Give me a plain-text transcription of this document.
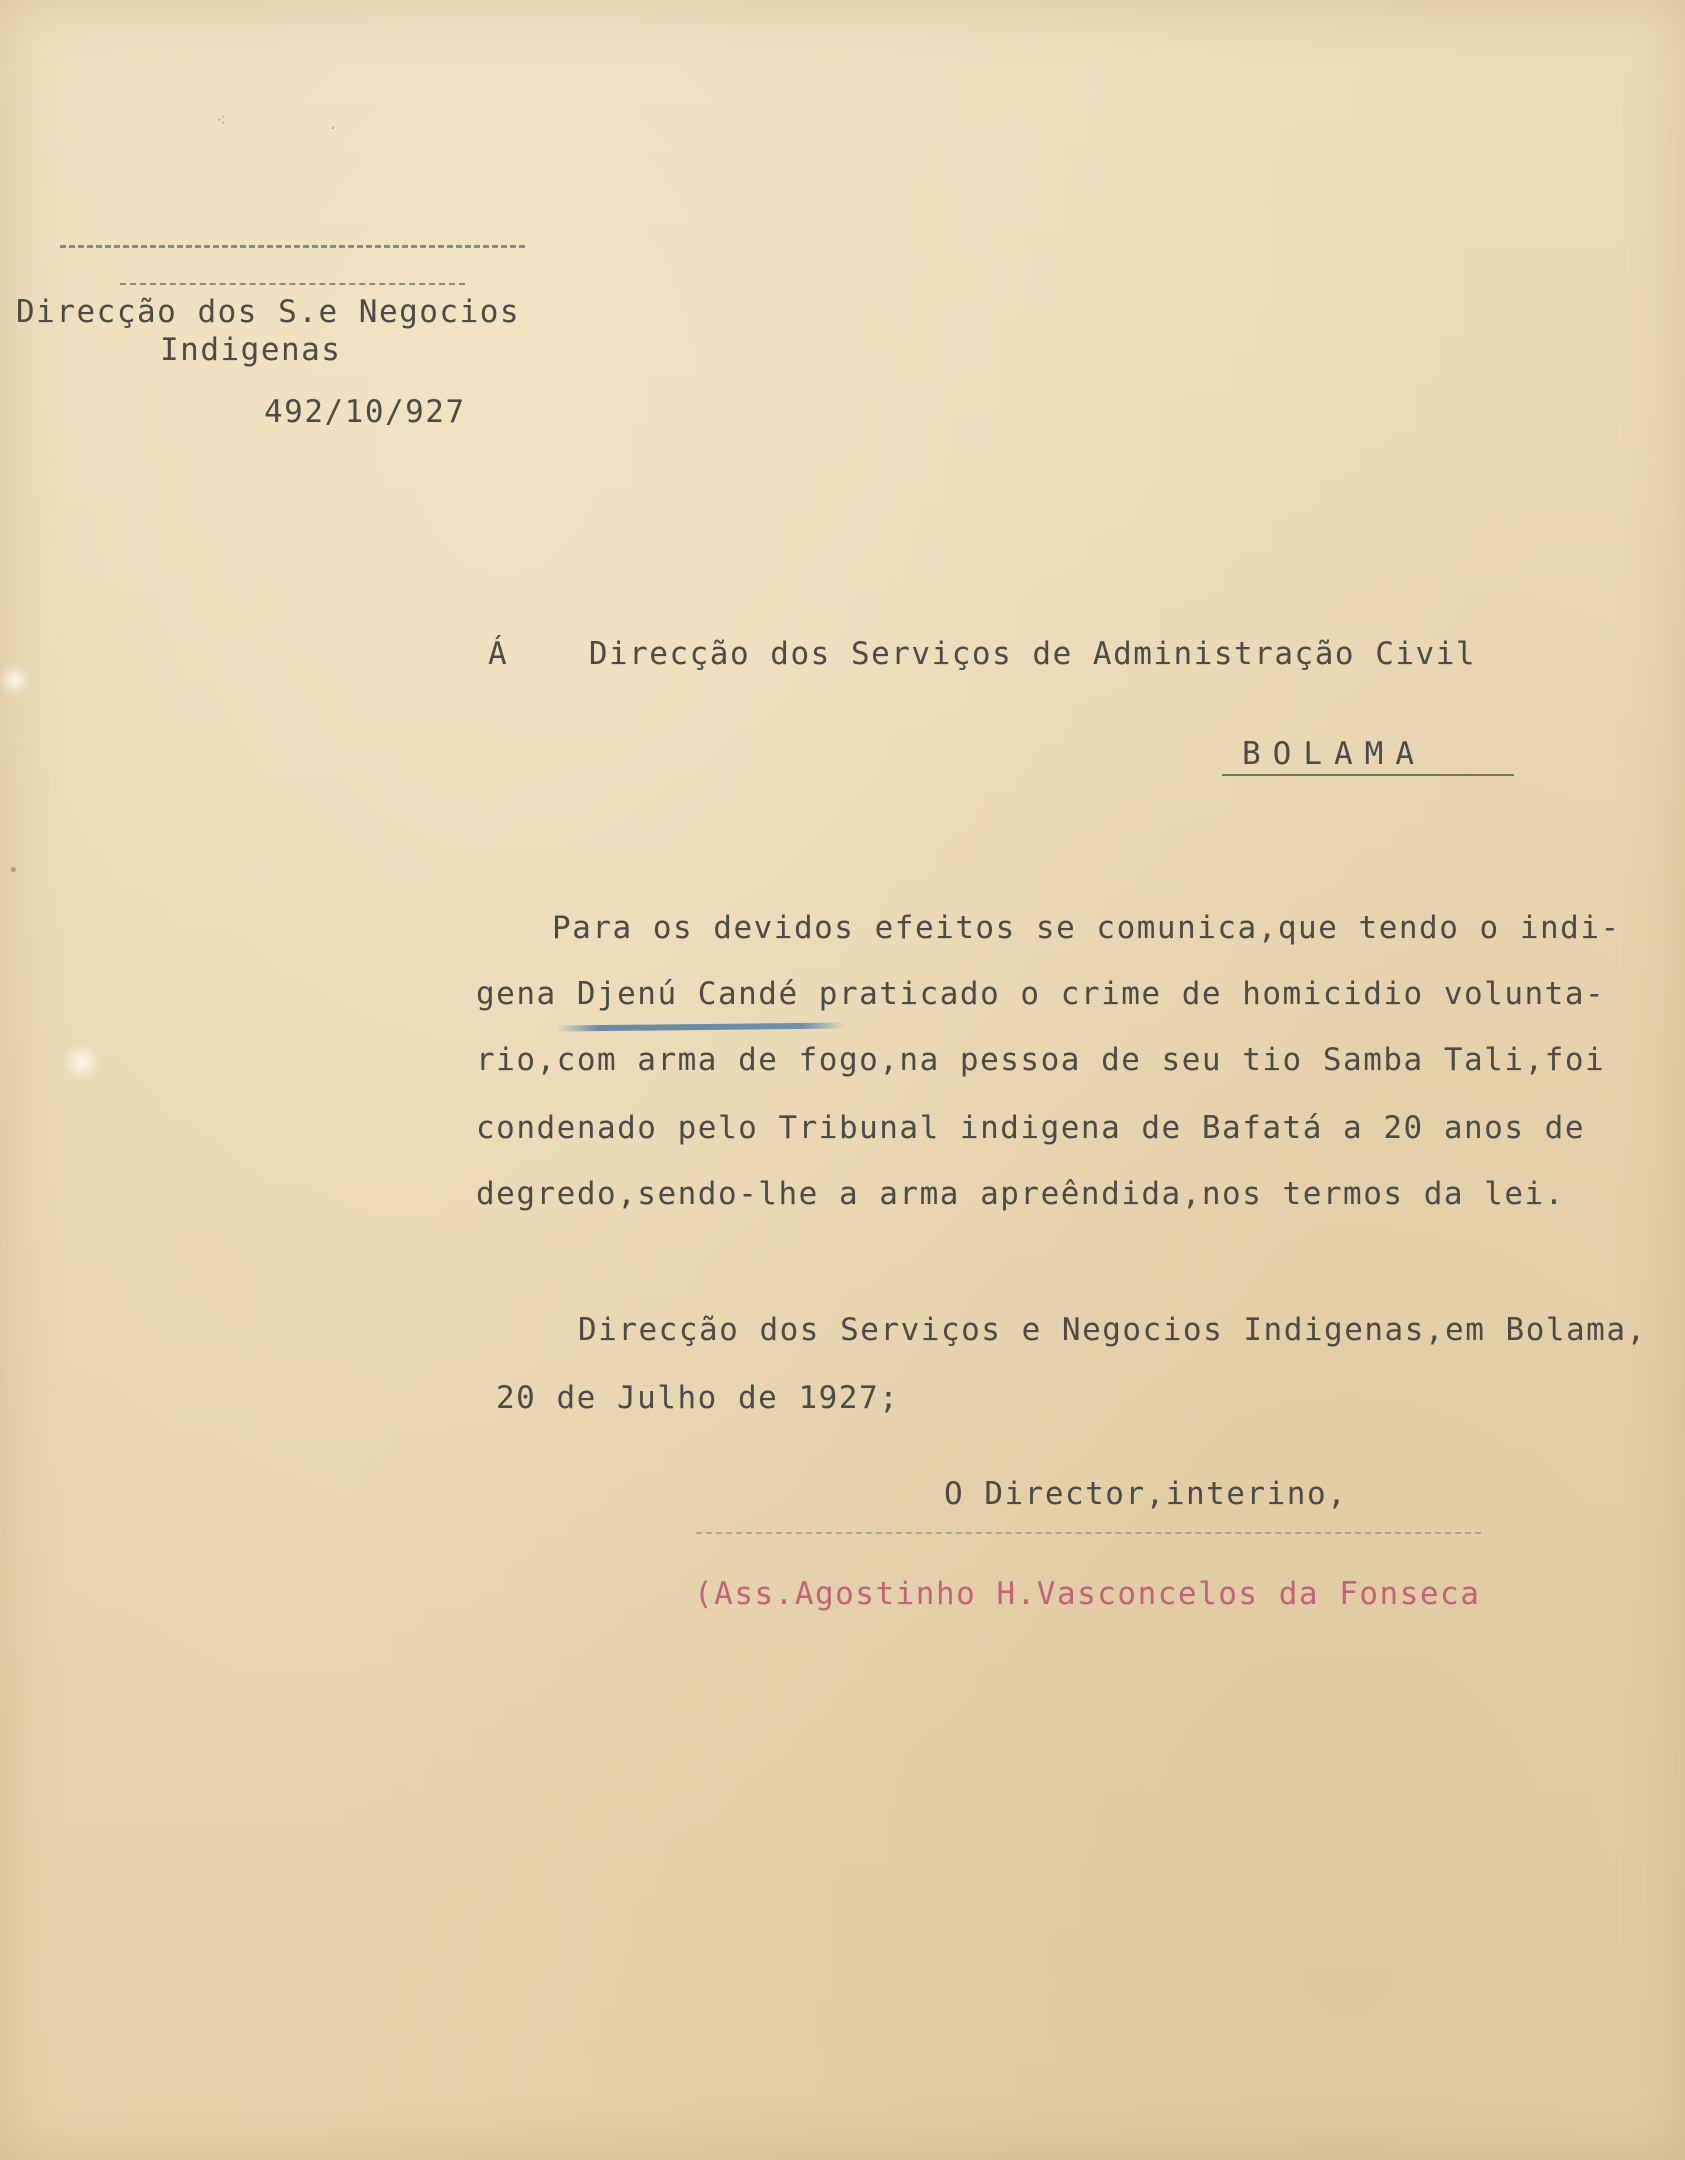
Direcção dos S.e Negocios
Indigenas
492/10/927
Á    Direcção dos Serviços de Administração Civil
BOLAMA
Para os devidos efeitos se comunica,que tendo o indi-
gena Djenú Candé praticado o crime de homicidio volunta-
rio,com arma de fogo,na pessoa de seu tio Samba Tali,foi
condenado pelo Tribunal indigena de Bafatá a 20 anos de
degredo,sendo-lhe a arma apreêndida,nos termos da lei.
Direcção dos Serviços e Negocios Indigenas,em Bolama,
20 de Julho de 1927;
O Director,interino,
(Ass.Agostinho H.Vasconcelos da Fonseca
⁖	·
•
